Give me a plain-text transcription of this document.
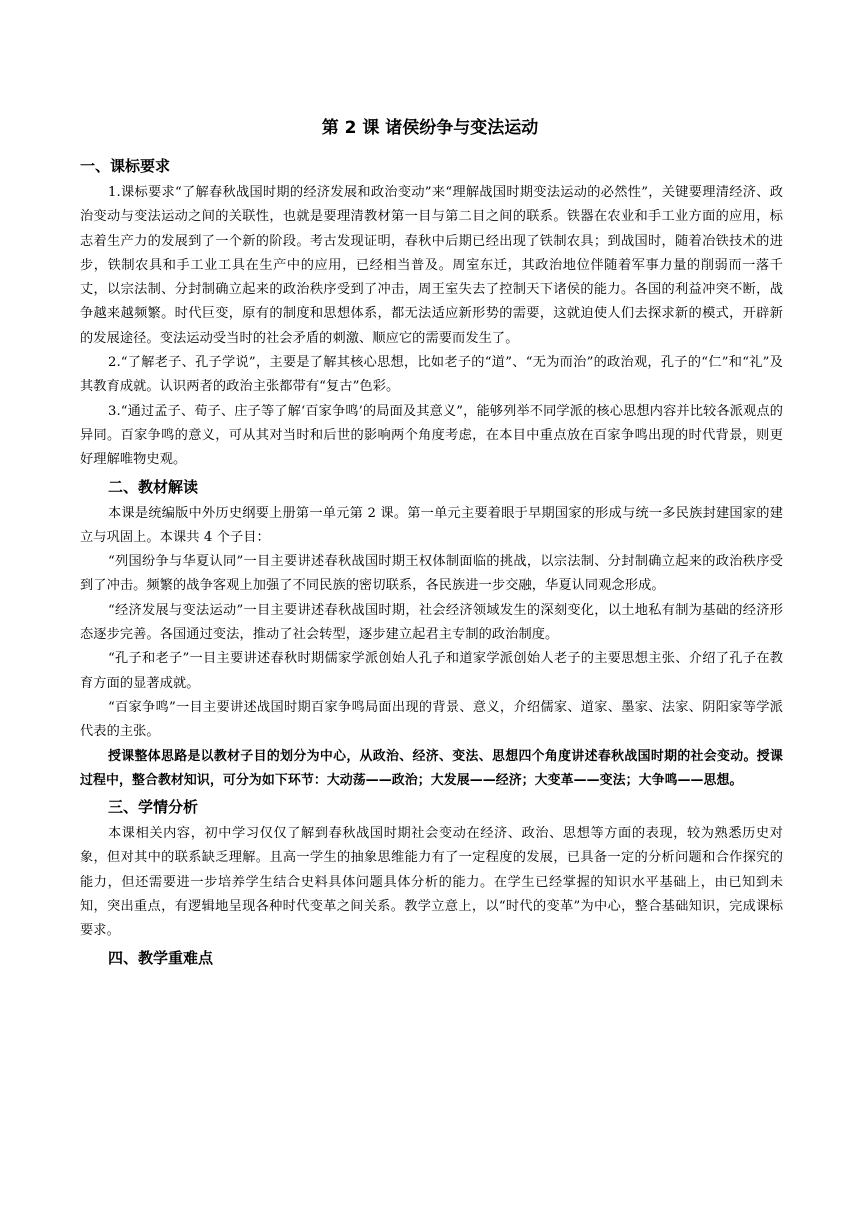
第 2 课 诸侯纷争与变法运动
一、课标要求

1.课标要求“了解春秋战国时期的经济发展和政治变动”来“理解战国时期变法运动的必然性”，关键要理清经济、政治变动与变法运动之间的关联性，也就是要理清教材第一目与第二目之间的联系。铁器在农业和手工业方面的应用，标志着生产力的发展到了一个新的阶段。考古发现证明，春秋中后期已经出现了铁制农具；到战国时，随着冶铁技术的进步，铁制农具和手工业工具在生产中的应用，已经相当普及。周室东迁，其政治地位伴随着军事力量的削弱而一落千丈，以宗法制、分封制确立起来的政治秩序受到了冲击，周王室失去了控制天下诸侯的能力。各国的利益冲突不断，战争越来越频繁。时代巨变，原有的制度和思想体系，都无法适应新形势的需要，这就迫使人们去探求新的模式，开辟新的发展途径。变法运动受当时的社会矛盾的刺激、顺应它的需要而发生了。

2.“了解老子、孔子学说”，主要是了解其核心思想，比如老子的“道”、“无为而治”的政治观，孔子的“仁”和“礼”及其教育成就。认识两者的政治主张都带有“复古”色彩。

3.“通过孟子、荀子、庄子等了解‘百家争鸣’的局面及其意义”，能够列举不同学派的核心思想内容并比较各派观点的异同。百家争鸣的意义，可从其对当时和后世的影响两个角度考虑，在本目中重点放在百家争鸣出现的时代背景，则更好理解唯物史观。

二、教材解读

本课是统编版中外历史纲要上册第一单元第 2 课。第一单元主要着眼于早期国家的形成与统一多民族封建国家的建立与巩固上。本课共 4 个子目：

“列国纷争与华夏认同”一目主要讲述春秋战国时期王权体制面临的挑战，以宗法制、分封制确立起来的政治秩序受到了冲击。频繁的战争客观上加强了不同民族的密切联系，各民族进一步交融，华夏认同观念形成。

“经济发展与变法运动”一目主要讲述春秋战国时期，社会经济领域发生的深刻变化，以土地私有制为基础的经济形态逐步完善。各国通过变法，推动了社会转型，逐步建立起君主专制的政治制度。

“孔子和老子”一目主要讲述春秋时期儒家学派创始人孔子和道家学派创始人老子的主要思想主张、介绍了孔子在教育方面的显著成就。

“百家争鸣”一目主要讲述战国时期百家争鸣局面出现的背景、意义，介绍儒家、道家、墨家、法家、阴阳家等学派代表的主张。

授课整体思路是以教材子目的划分为中心，从政治、经济、变法、思想四个角度讲述春秋战国时期的社会变动。授课过程中，整合教材知识，可分为如下环节：大动荡——政治；大发展——经济；大变革——变法；大争鸣——思想。

三、学情分析

本课相关内容，初中学习仅仅了解到春秋战国时期社会变动在经济、政治、思想等方面的表现，较为熟悉历史对象，但对其中的联系缺乏理解。且高一学生的抽象思维能力有了一定程度的发展，已具备一定的分析问题和合作探究的能力，但还需要进一步培养学生结合史料具体问题具体分析的能力。在学生已经掌握的知识水平基础上，由已知到未知，突出重点，有逻辑地呈现各种时代变革之间关系。教学立意上，以“时代的变革”为中心，整合基础知识，完成课标要求。

四、教学重难点
